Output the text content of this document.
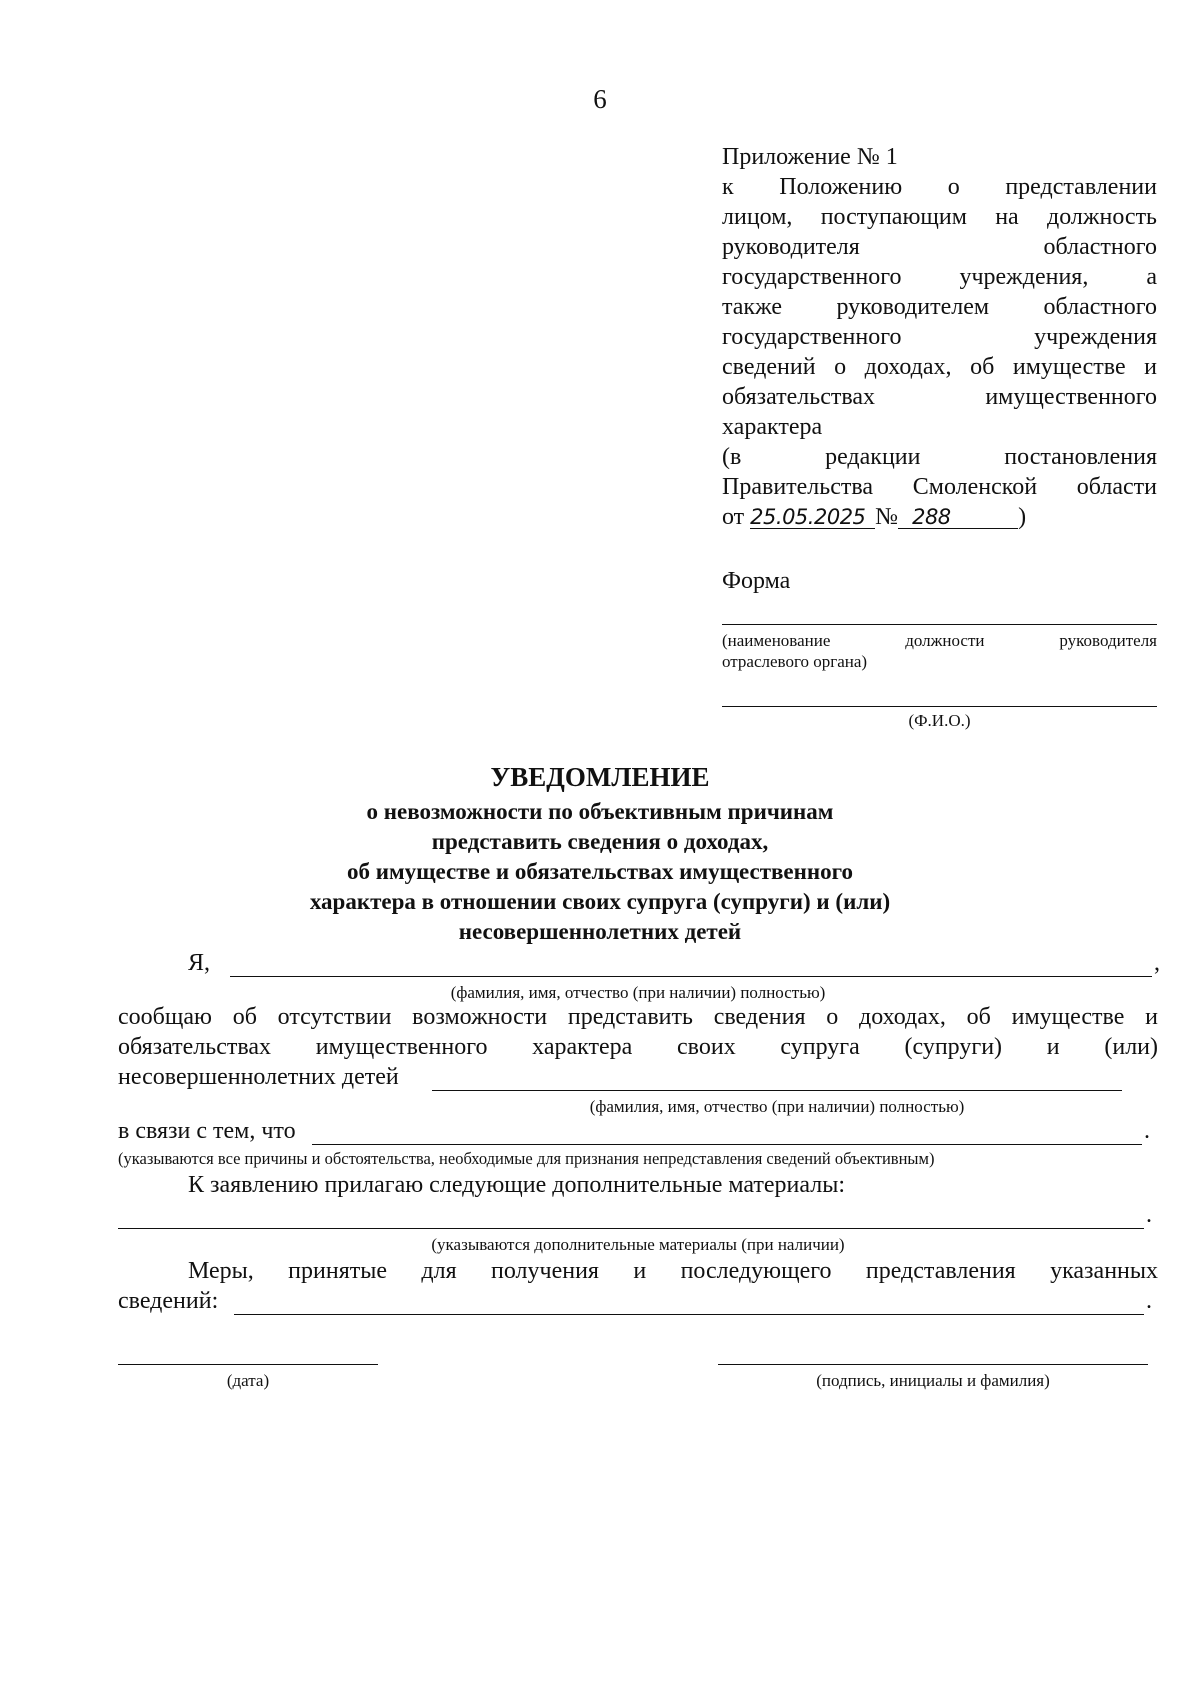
6
Приложение № 1
к Положению о представлении
лицом, поступающим на должность
руководителя областного
государственного учреждения, а
также руководителем областного
государственного учреждения
сведений о доходах, об имуществе и
обязательствах имущественного
характера
(в редакции постановления
Правительства Смоленской области
от 25.05.2025 № 288	)
Форма
(наименование должности руководителя
отраслевого органа)
(Ф.И.О.)
УВЕДОМЛЕНИЕ
о невозможности по объективным причинам
представить сведения о доходах,
об имуществе и обязательствах имущественного
характера в отношении своих супруга (супруги) и (или)
несовершеннолетних детей
Я,	,
(фамилия, имя, отчество (при наличии) полностью)
сообщаю об отсутствии возможности представить сведения о доходах, об имуществе и
обязательствах имущественного характера своих супруга (супруги) и (или)
несовершеннолетних детей
(фамилия, имя, отчество (при наличии) полностью)
в связи с тем, что	.
(указываются все причины и обстоятельства, необходимые для признания непредставления сведений объективным)
К заявлению прилагаю следующие дополнительные материалы:
.
(указываются дополнительные материалы (при наличии)
Меры, принятые для получения и последующего представления указанных
сведений:	.
(дата)	(подпись, инициалы и фамилия)
